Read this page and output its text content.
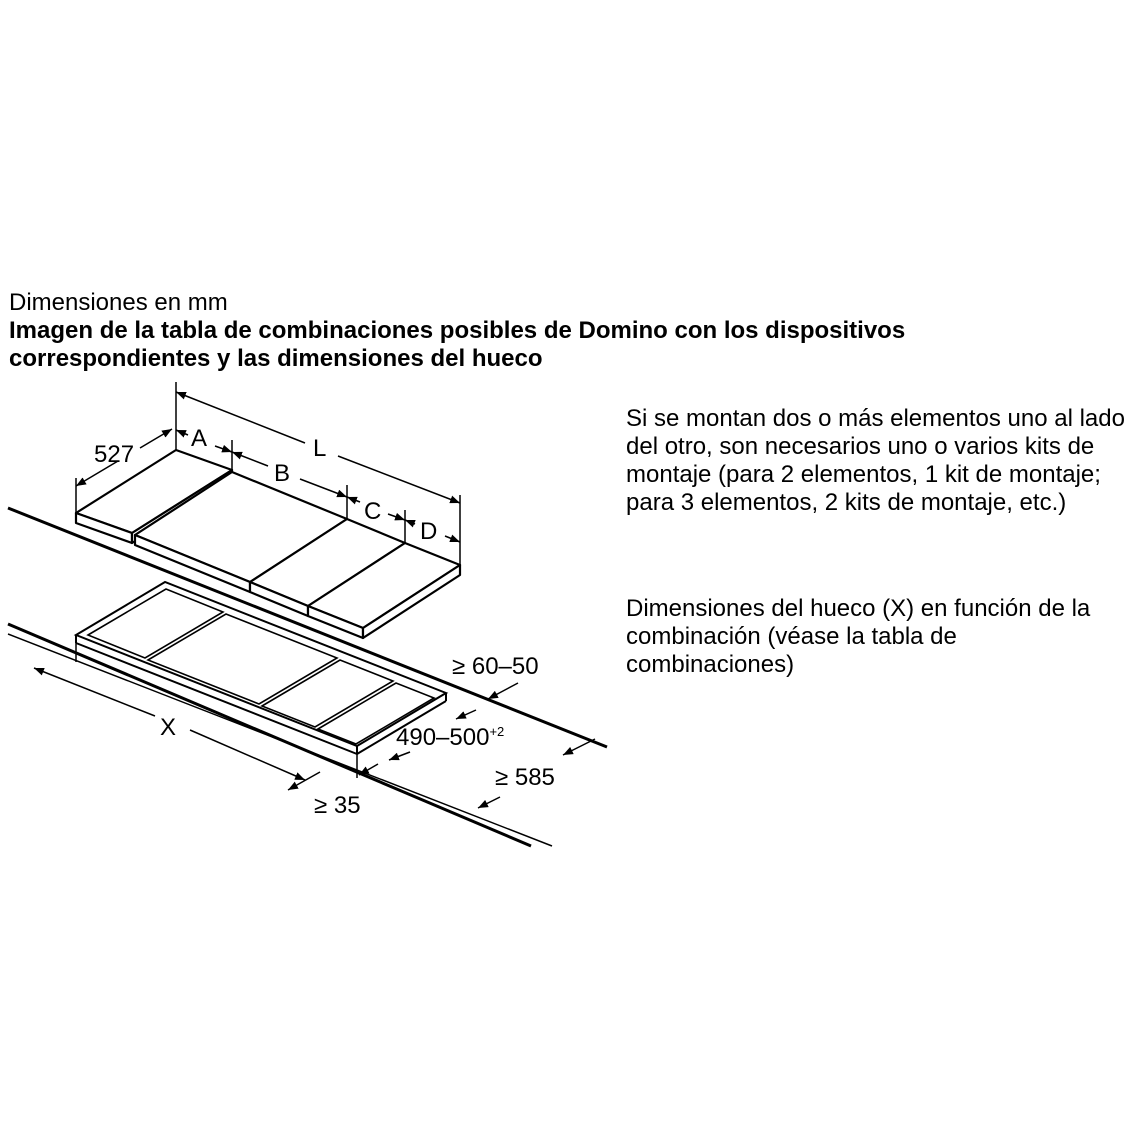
Dimensiones en mm
Imagen de la tabla de combinaciones posibles de Domino con los dispositivos
correspondientes y las dimensiones del hueco

Si se montan dos o más elementos uno al lado del otro, son necesarios uno o varios kits de montaje (para 2 elementos, 1 kit de montaje; para 3 elementos, 2 kits de montaje, etc.)

Dimensiones del hueco (X) en función de la combinación (véase la tabla de combinaciones)

527
A	L
B
C
D
X
≥ 60–50
$490-500^{+2}$
≥ 585
≥ 35
